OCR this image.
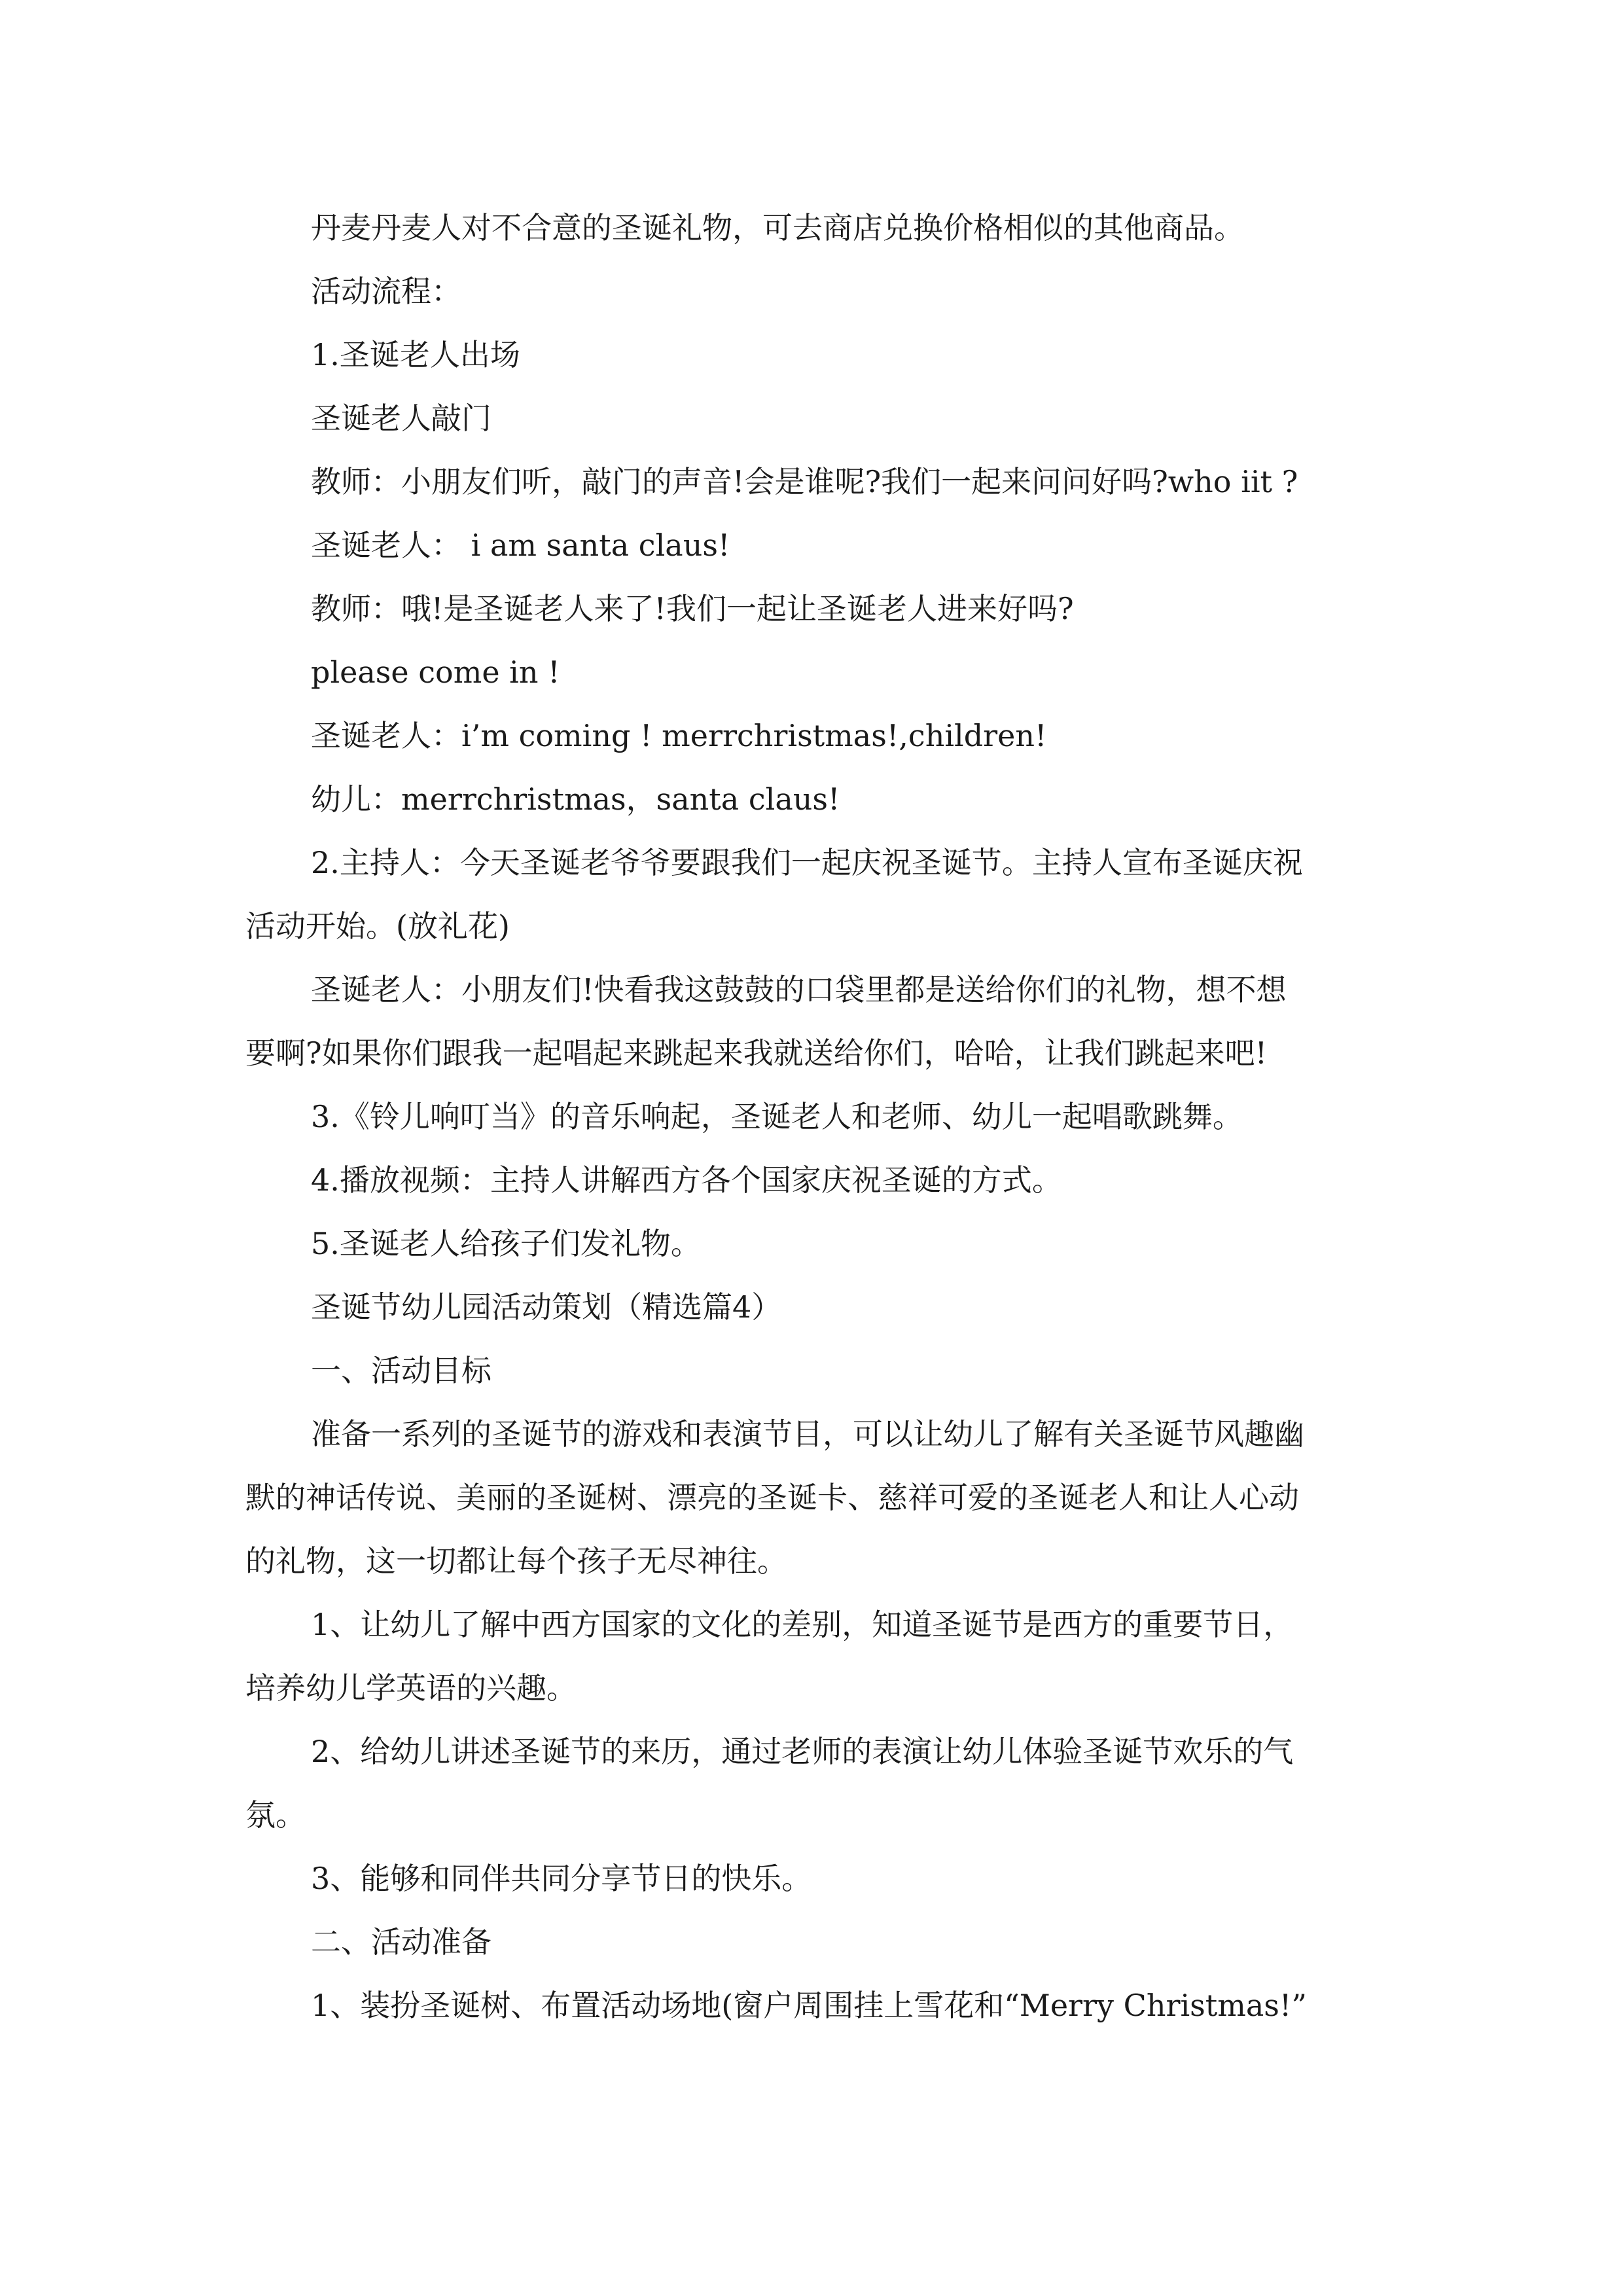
丹麦丹麦人对不合意的圣诞礼物，可去商店兑换价格相似的其他商品。

活动流程：

1.圣诞老人出场

圣诞老人敲门

教师：小朋友们听，敲门的声音!会是谁呢?我们一起来问问好吗?who iit ?

圣诞老人： i am santa claus!

教师：哦!是圣诞老人来了!我们一起让圣诞老人进来好吗?

please come in !

圣诞老人：i’m coming ! merrchristmas!,children!

幼儿：merrchristmas，santa claus!

2.主持人：今天圣诞老爷爷要跟我们一起庆祝圣诞节。主持人宣布圣诞庆祝

活动开始。(放礼花)

圣诞老人：小朋友们!快看我这鼓鼓的口袋里都是送给你们的礼物，想不想

要啊?如果你们跟我一起唱起来跳起来我就送给你们，哈哈，让我们跳起来吧!

3.《铃儿响叮当》的音乐响起，圣诞老人和老师、幼儿一起唱歌跳舞。

4.播放视频：主持人讲解西方各个国家庆祝圣诞的方式。

5.圣诞老人给孩子们发礼物。

圣诞节幼儿园活动策划（精选篇4）

一、活动目标

准备一系列的圣诞节的游戏和表演节目，可以让幼儿了解有关圣诞节风趣幽

默的神话传说、美丽的圣诞树、漂亮的圣诞卡、慈祥可爱的圣诞老人和让人心动

的礼物，这一切都让每个孩子无尽神往。

1、让幼儿了解中西方国家的文化的差别，知道圣诞节是西方的重要节日，

培养幼儿学英语的兴趣。

2、给幼儿讲述圣诞节的来历，通过老师的表演让幼儿体验圣诞节欢乐的气

氛。

3、能够和同伴共同分享节日的快乐。

二、活动准备

1、装扮圣诞树、布置活动场地(窗户周围挂上雪花和“Merry Christmas!”
